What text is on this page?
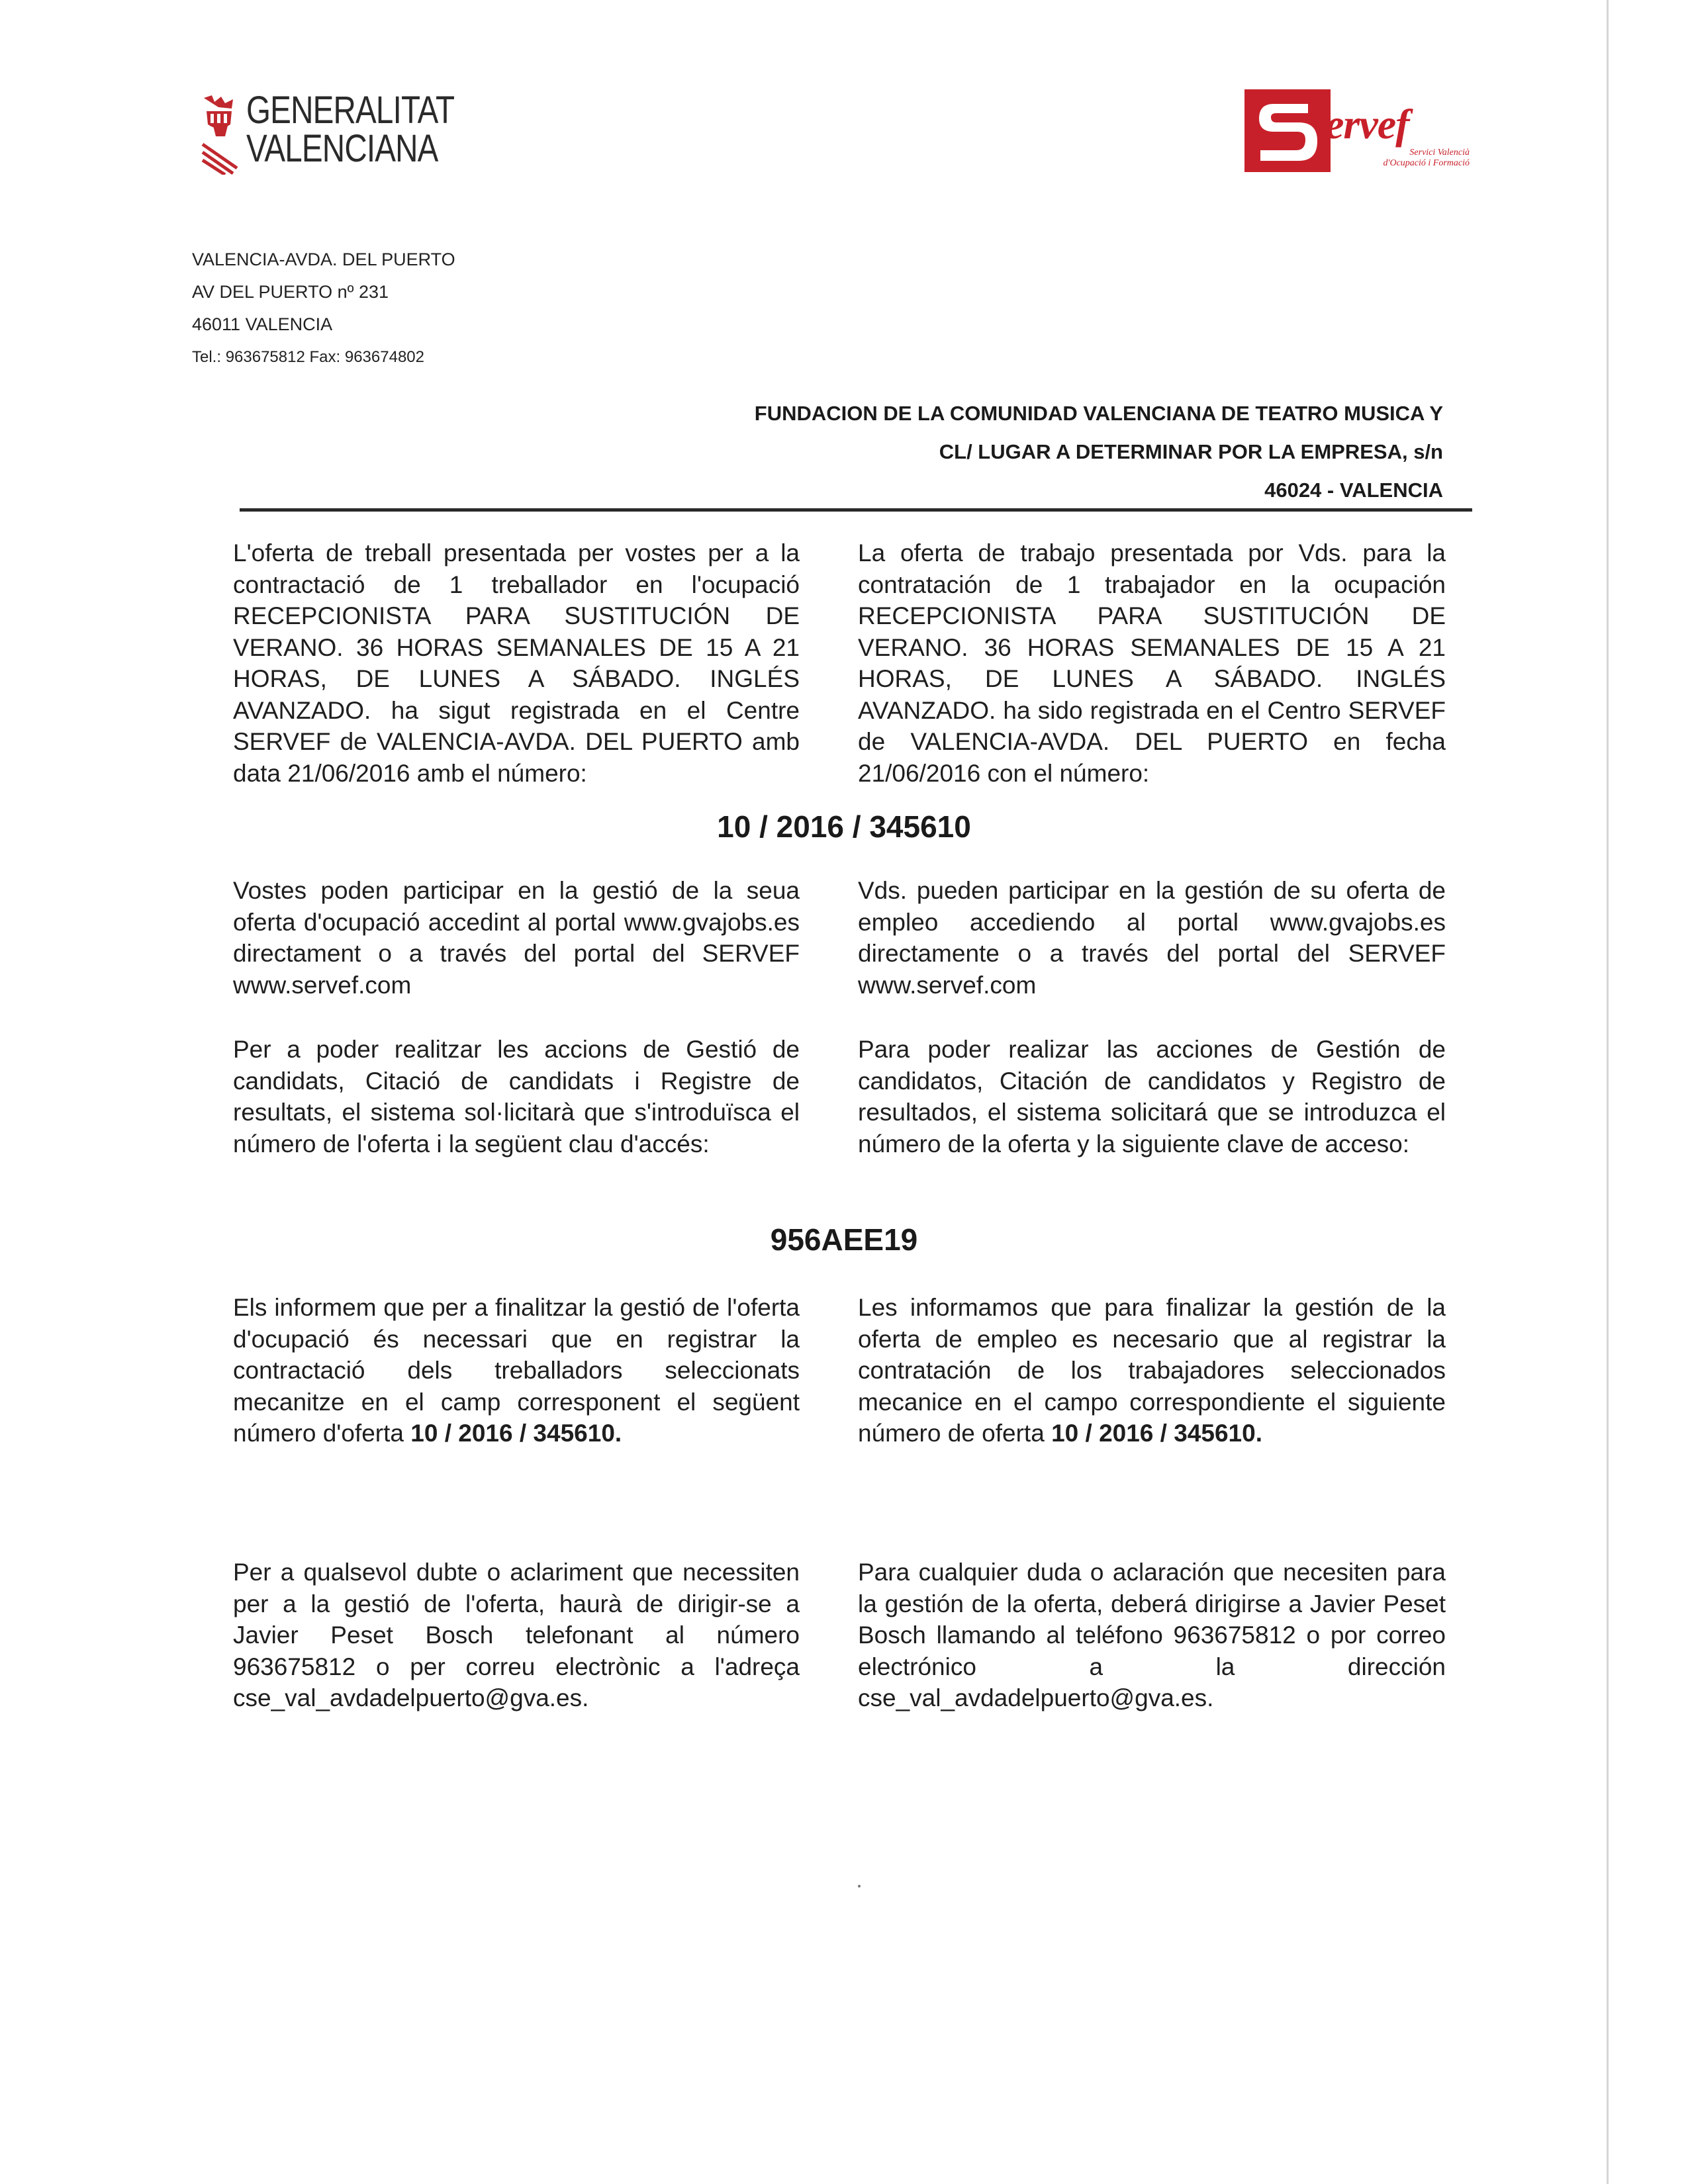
GENERALITAT
VALENCIANA
ervef
Servici Valencià
d'Ocupació i Formació
VALENCIA-AVDA. DEL PUERTO
AV DEL PUERTO nº 231
46011 VALENCIA
Tel.: 963675812 Fax: 963674802
FUNDACION DE LA COMUNIDAD VALENCIANA DE TEATRO MUSICA Y
CL/ LUGAR A DETERMINAR POR LA EMPRESA, s/n
46024 - VALENCIA
L'oferta de treball presentada per vostes per a la contractació de 1 treballador en l'ocupació RECEPCIONISTA PARA SUSTITUCIÓN DE VERANO. 36 HORAS SEMANALES DE 15 A 21 HORAS, DE LUNES A SÁBADO. INGLÉS AVANZADO. ha sigut registrada en el Centre SERVEF de VALENCIA-AVDA. DEL PUERTO amb data 21/06/2016 amb el número:
La oferta de trabajo presentada por Vds. para la contratación de 1 trabajador en la ocupación RECEPCIONISTA PARA SUSTITUCIÓN DE VERANO. 36 HORAS SEMANALES DE 15 A 21 HORAS, DE LUNES A SÁBADO. INGLÉS AVANZADO. ha sido registrada en el Centro SERVEF de VALENCIA-AVDA. DEL PUERTO en fecha 21/06/2016 con el número:
10 / 2016 / 345610
Vostes poden participar en la gestió de la seua oferta d'ocupació accedint al portal www.gvajobs.es directament o a través del portal del SERVEF www.servef.com
Vds. pueden participar en la gestión de su oferta de empleo accediendo al portal www.gvajobs.es directamente o a través del portal del SERVEF www.servef.com
Per a poder realitzar les accions de Gestió de candidats, Citació de candidats i Registre de resultats, el sistema sol·licitarà que s'introduïsca el número de l'oferta i la següent clau d'accés:
Para poder realizar las acciones de Gestión de candidatos, Citación de candidatos y Registro de resultados, el sistema solicitará que se introduzca el número de la oferta y la siguiente clave de acceso:
956AEE19
Els informem que per a finalitzar la gestió de l'oferta d'ocupació és necessari que en registrar la contractació dels treballadors seleccionats mecanitze en el camp corresponent el següent número d'oferta 10 / 2016 / 345610.
Les informamos que para finalizar la gestión de la oferta de empleo es necesario que al registrar la contratación de los trabajadores seleccionados mecanice en el campo correspondiente el siguiente número de oferta 10 / 2016 / 345610.
Per a qualsevol dubte o aclariment que necessiten per a la gestió de l'oferta, haurà de dirigir-se a Javier Peset Bosch telefonant al número 963675812 o per correu electrònic a l'adreça cse_val_avdadelpuerto@gva.es.
Para cualquier duda o aclaración que necesiten para la gestión de la oferta, deberá dirigirse a Javier Peset Bosch llamando al teléfono 963675812 o por correo electrónico a la dirección cse_val_avdadelpuerto@gva.es.
